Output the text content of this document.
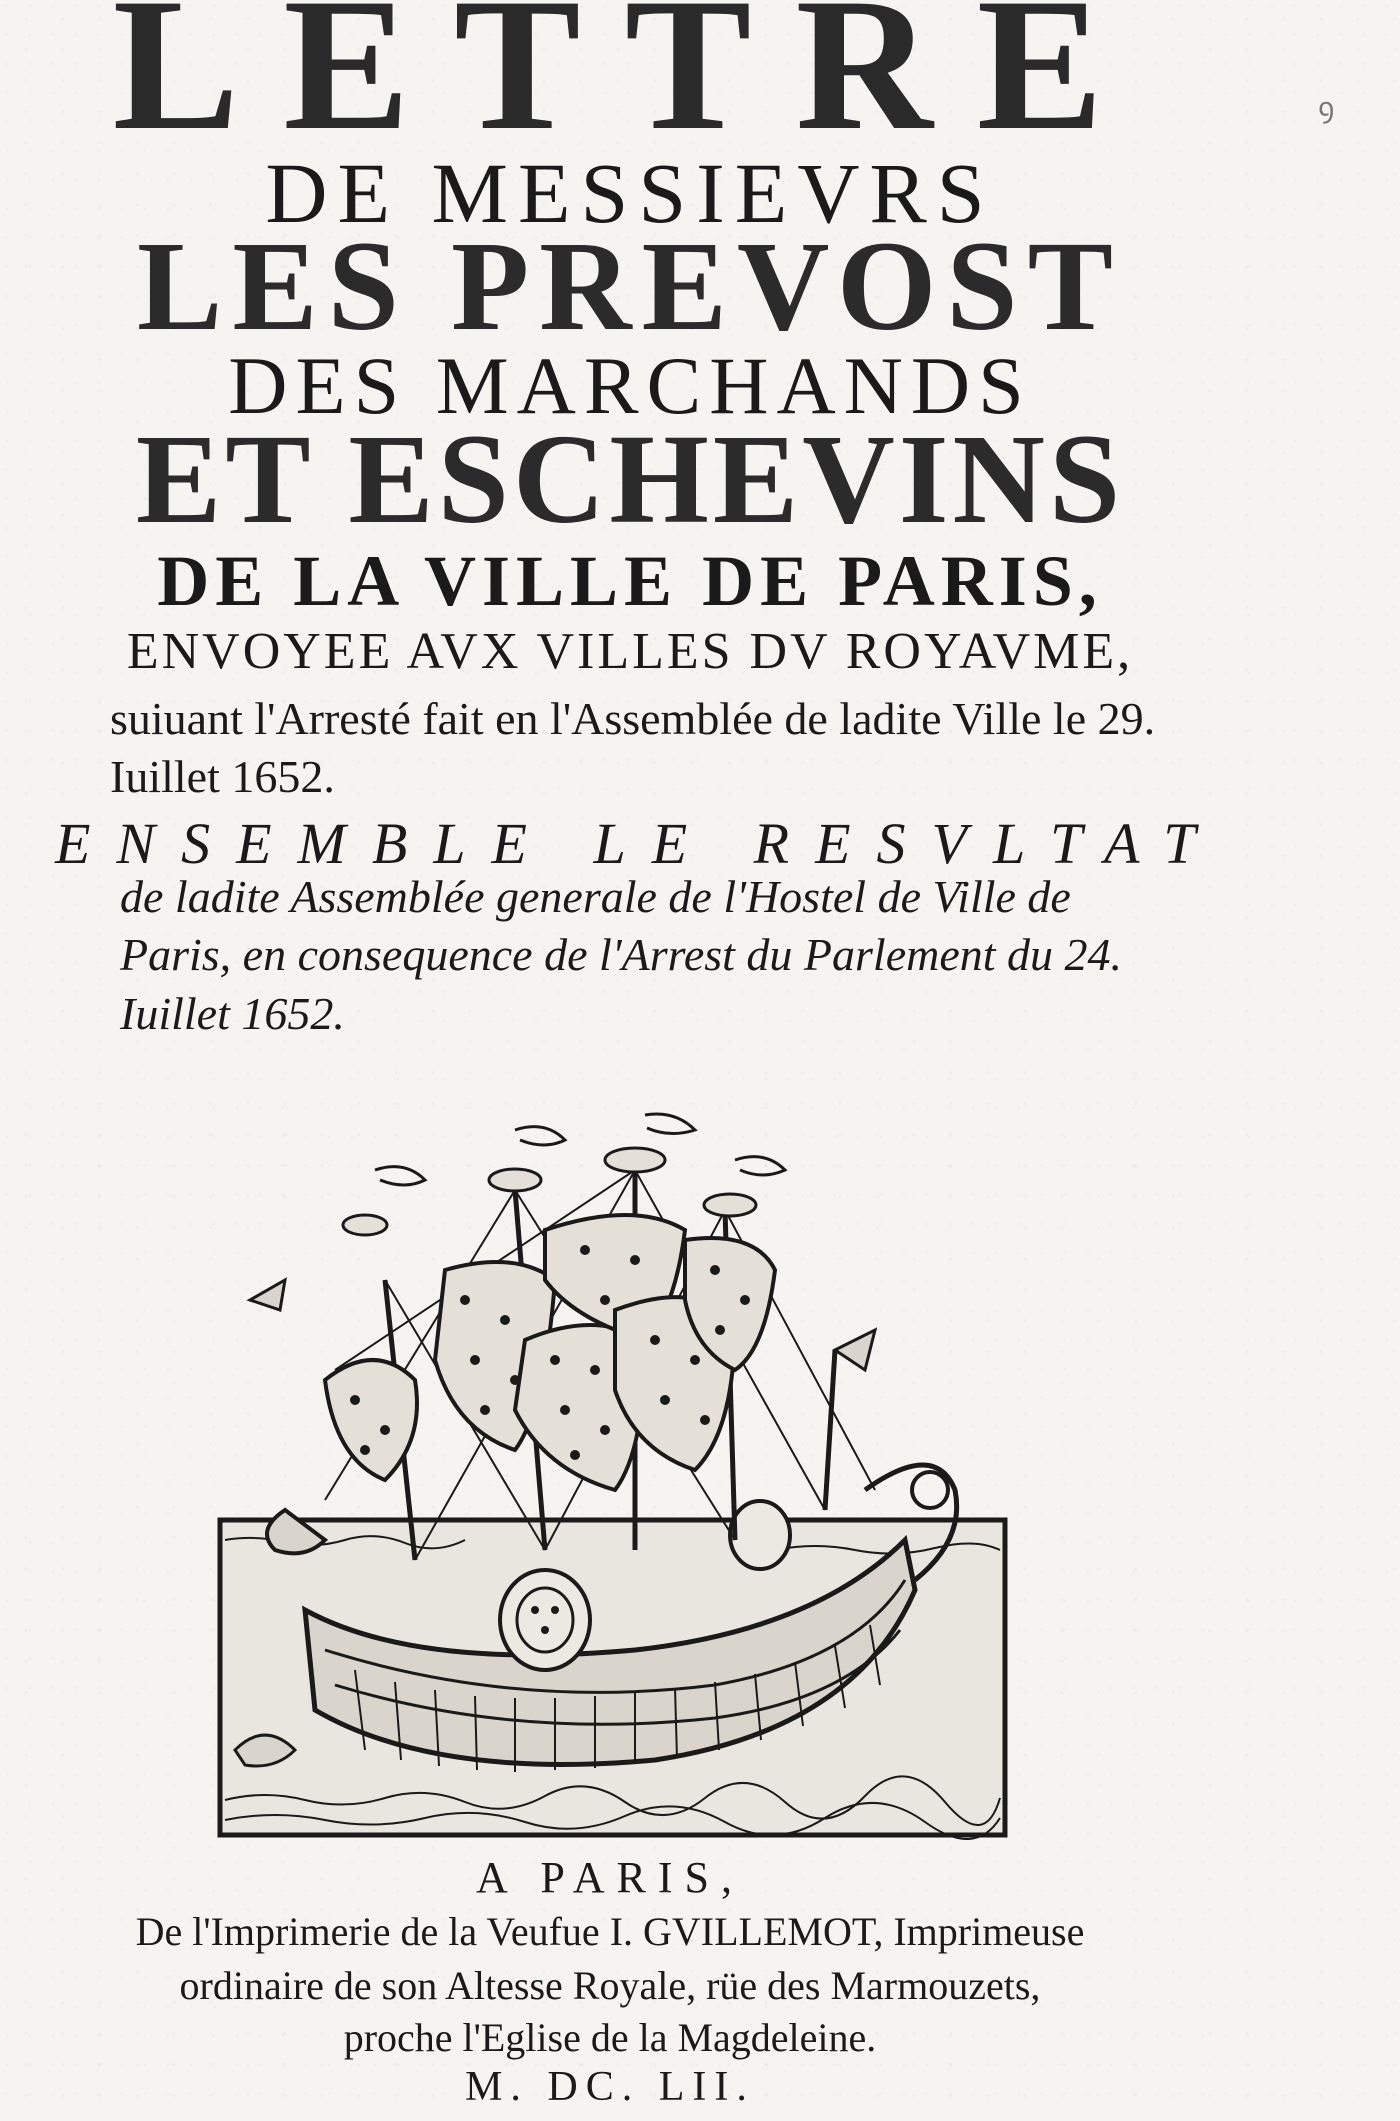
LETTRE
DE MESSIEVRS
LES PREVOST
DES MARCHANDS
ET ESCHEVINS
DE LA VILLE DE PARIS,
ENVOYEE AVX VILLES DV ROYAVME,
suiuant l'Arresté fait en l'Assemblée de ladite Ville le 29. Iuillet 1652.
ENSEMBLE LE RESVLTAT
de ladite Assemblée generale de l'Hostel de Ville de Paris, en consequence de l'Arrest du Parlement du 24. Iuillet 1652.
ꝯ
A PARIS,
De l'Imprimerie de la Veufue I. GVILLEMOT, Imprimeuse
ordinaire de son Altesse Royale, rüe des Marmouzets,
proche l'Eglise de la Magdeleine.
M. DC. LII.
